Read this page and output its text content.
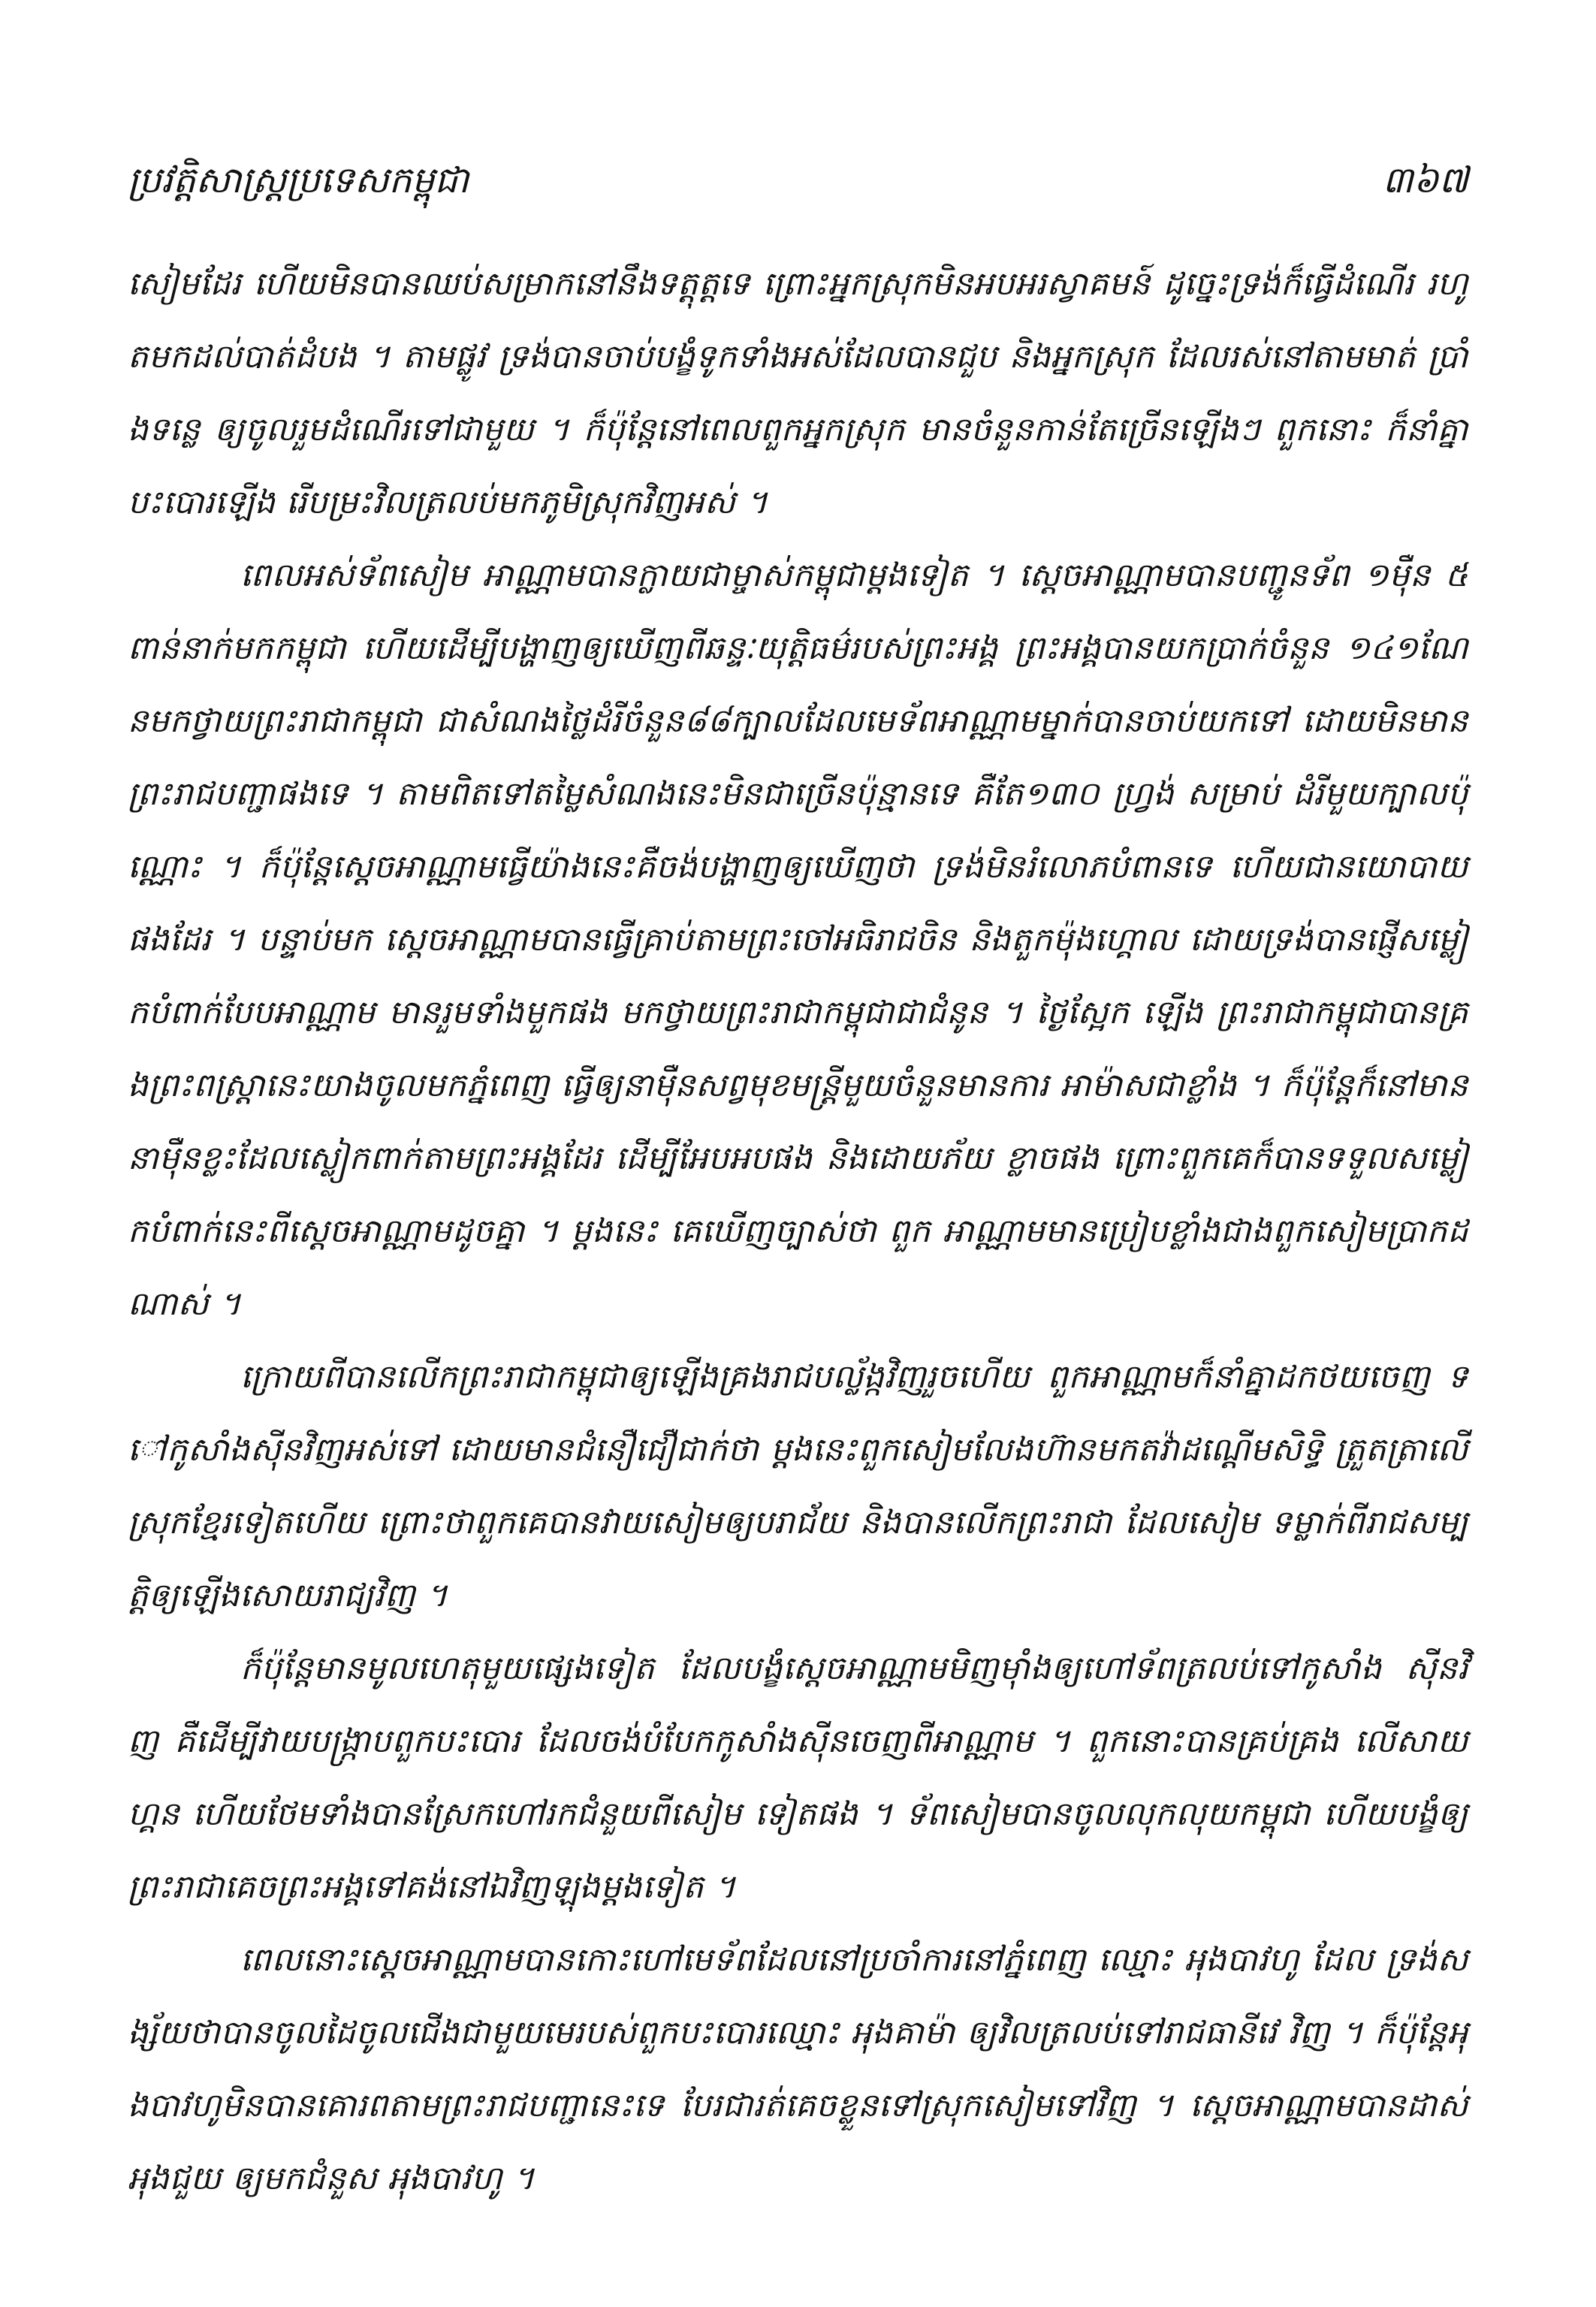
ប្រវត្តិសាស្ត្រប្រទេសកម្ពុជា	៣៦៧

សៀមដែរ ហើយមិនបានឈប់សម្រាកនៅនឹងទត្តុត្តទេ ព្រោះអ្នកស្រុកមិនអបអរស្វាគមន៍ ដូច្នេះទ្រង់ក៏ធ្វើដំណើរ រហូតមកដល់បាត់ដំបង ។ តាមផ្លូវ ទ្រង់បានចាប់បង្ខំទូកទាំងអស់ដែលបានជួប និងអ្នកស្រុក ដែលរស់នៅតាមមាត់ ប្រាំងទន្លេ ឲ្យចូលរួមដំណើរទៅជាមួយ ។ ក៏ប៉ុន្តែនៅពេលពួកអ្នកស្រុក មានចំនួនកាន់តែច្រើនឡើងៗ ពួកនោះ ក៏នាំគ្នាបះបោរឡើង រើបម្រះវិលត្រលប់មកភូមិស្រុកវិញអស់ ។

ពេលអស់ទ័ពសៀម អាណ្ណាមបានក្លាយជាម្ចាស់កម្ពុជាម្ដងទៀត ។ ស្ដេចអាណ្ណាមបានបញ្ជូនទ័ព ១ម៉ឺន ៥ពាន់នាក់មកកម្ពុជា ហើយដើម្បីបង្ហាញឲ្យឃើញពីឆន្ទៈយុត្តិធម៌របស់ព្រះអង្គ ព្រះអង្គបានយកប្រាក់ចំនួន ១៤១ណែនមកថ្វាយព្រះរាជាកម្ពុជា ជាសំណងថ្លៃដំរីចំនួន៨៨ក្បាលដែលមេទ័ពអាណ្ណាមម្នាក់បានចាប់យកទៅ ដោយមិនមានព្រះរាជបញ្ជាផងទេ ។ តាមពិតទៅតម្លៃសំណងនេះមិនជាច្រើនប៉ុន្មានទេ គឺតែ១៣០ ហ្វ្រង់ សម្រាប់ ដំរីមួយក្បាលប៉ុណ្ណោះ ។ ក៏ប៉ុន្តែស្ដេចអាណ្ណាមធ្វើយ៉ាងនេះគឺចង់បង្ហាញឲ្យឃើញថា ទ្រង់មិនរំលោភបំពានទេ ហើយជានយោបាយ ផងដែរ ។ បន្ទាប់មក ស្ដេចអាណ្ណាមបានធ្វើគ្រាប់តាមព្រះចៅអធិរាជចិន និងតួកម៉ុងហ្គោល ដោយទ្រង់បានផ្ញើសម្លៀកបំពាក់បែបអាណ្ណាម មានរួមទាំងមួកផង មកថ្វាយព្រះរាជាកម្ពុជាជាជំនូន ។ ថ្ងៃស្អែក ឡើង ព្រះរាជាកម្ពុជាបានគ្រងព្រះពស្ត្រានេះយាងចូលមកភ្នំពេញ ធ្វើឲ្យនាម៉ឺនសព្វមុខមន្ត្រីមួយចំនួនមានការ អាម៉ាសជាខ្លាំង ។ ក៏ប៉ុន្តែក៏នៅមាននាម៉ឺនខ្លះដែលស្លៀកពាក់តាមព្រះអង្គដែរ ដើម្បីអែបអបផង និងដោយភ័យ ខ្លាចផង ព្រោះពួកគេក៏បានទទួលសម្លៀកបំពាក់នេះពីស្ដេចអាណ្ណាមដូចគ្នា ។ ម្ដងនេះ គេឃើញច្បាស់ថា ពួក អាណ្ណាមមានប្រៀបខ្លាំងជាងពួកសៀមប្រាកដណាស់ ។

ក្រោយពីបានលើកព្រះរាជាកម្ពុជាឲ្យឡើងគ្រងរាជបល្ល័ង្កវិញរួចហើយ ពួកអាណ្ណាមក៏នាំគ្នាដកថយចេញ ទៅកូសាំងស៊ីនវិញអស់ទៅ ដោយមានជំនឿជឿជាក់ថា ម្ដងនេះពួកសៀមលែងហ៊ានមកតវ៉ាដណ្ដើមសិទ្ធិ ត្រួតត្រាលើស្រុកខ្មែរទៀតហើយ ព្រោះថាពួកគេបានវាយសៀមឲ្យបរាជ័យ និងបានលើកព្រះរាជា ដែលសៀម ទម្លាក់ពីរាជសម្បត្តិឲ្យឡើងសោយរាជ្យវិញ ។

ក៏ប៉ុន្តែមានមូលហេតុមួយផ្សេងទៀត ដែលបង្ខំស្ដេចអាណ្ណាមមិញម៉ាំងឲ្យហៅទ័ពត្រលប់ទៅកូសាំង ស៊ីនវិញ គឺដើម្បីវាយបង្ក្រាបពួកបះបោរ ដែលចង់បំបែកកូសាំងស៊ីនចេញពីអាណ្ណាម ។ ពួកនោះបានគ្រប់គ្រង លើសាយហ្គន ហើយថែមទាំងបានស្រែកហៅរកជំនួយពីសៀម ទៀតផង ។ ទ័ពសៀមបានចូលលុកលុយកម្ពុជា ហើយបង្ខំឲ្យព្រះរាជាគេចព្រះអង្គទៅគង់នៅឯវិញឡុងម្ដងទៀត ។

ពេលនោះស្ដេចអាណ្ណាមបានកោះហៅមេទ័ពដែលនៅប្រចាំការនៅភ្នំពេញ ឈ្មោះ អុងបាវហូ ដែល ទ្រង់សង្ស័យថាបានចូលដៃចូលជើងជាមួយមេរបស់ពួកបះបោរឈ្មោះ អុងគាម៉ា ឲ្យវិលត្រលប់ទៅរាជធានីវេ វិញ ។ ក៏ប៉ុន្តែអុងបាវហូមិនបានគោរពតាមព្រះរាជបញ្ជានេះទេ បែរជារត់គេចខ្លួនទៅស្រុកសៀមទៅវិញ ។ ស្ដេចអាណ្ណាមបានដាស់ អុងជួយ ឲ្យមកជំនួស អុងបាវហូ ។
